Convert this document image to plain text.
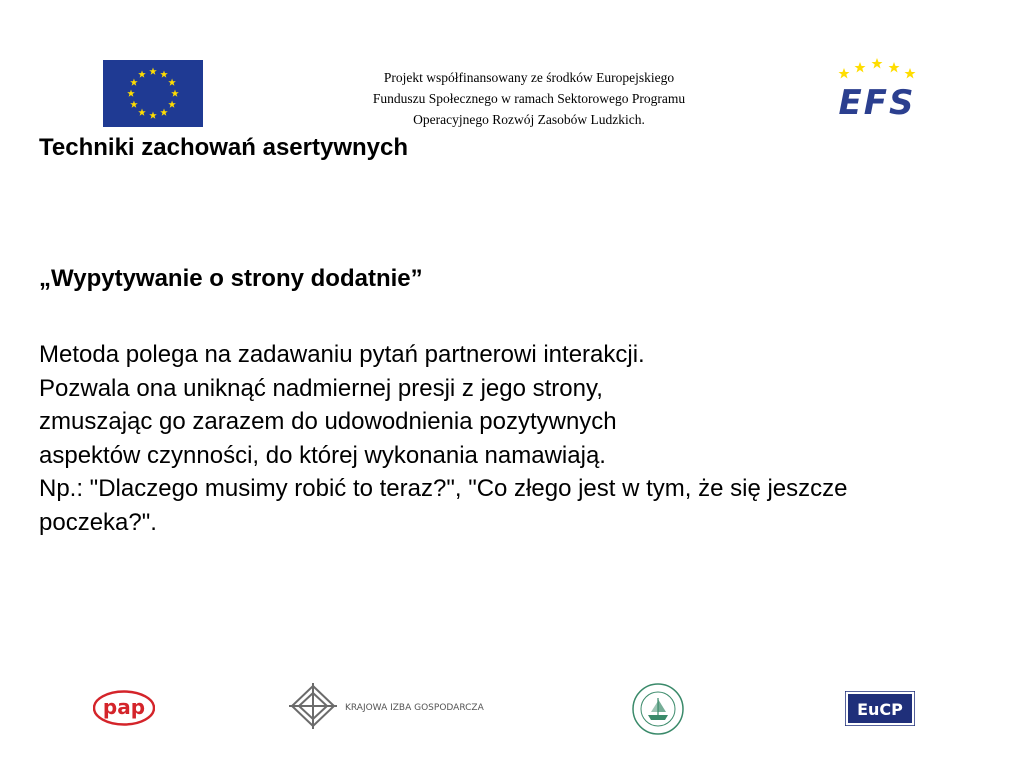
Projekt współfinansowany ze środków Europejskiego
Funduszu Społecznego w ramach Sektorowego Programu
Operacyjnego Rozwój Zasobów Ludzkich.	EFS
Techniki zachowań asertywnych
„Wypytywanie o strony dodatnie”
Metoda polega na zadawaniu pytań partnerowi interakcji.
Pozwala ona uniknąć nadmiernej presji z jego strony,
zmuszając go zarazem do udowodnienia pozytywnych
aspektów czynności, do której wykonania namawiają.
Np.: "Dlaczego musimy robić to teraz?", "Co złego jest w tym, że się jeszcze
poczeka?".
pap	KRAJOWA IZBA GOSPODARCZA	EuCP
